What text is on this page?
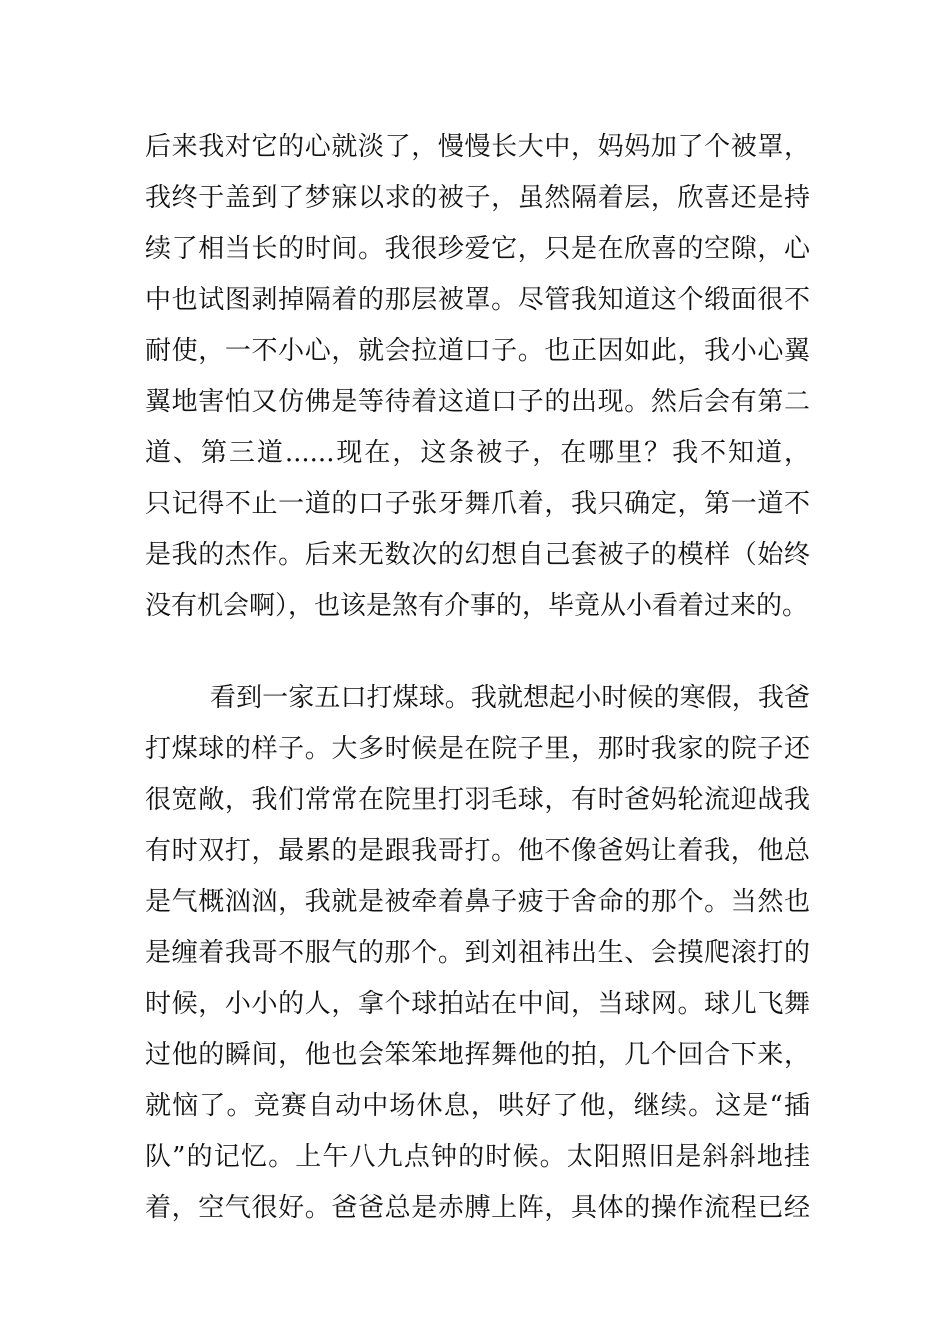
后来我对它的心就淡了，慢慢长大中，妈妈加了个被罩，
我终于盖到了梦寐以求的被子，虽然隔着层，欣喜还是持
续了相当长的时间。我很珍爱它，只是在欣喜的空隙，心
中也试图剥掉隔着的那层被罩。尽管我知道这个缎面很不
耐使，一不小心，就会拉道口子。也正因如此，我小心翼
翼地害怕又仿佛是等待着这道口子的出现。然后会有第二
道、第三道......现在，这条被子，在哪里？我不知道，
只记得不止一道的口子张牙舞爪着，我只确定，第一道不
是我的杰作。后来无数次的幻想自己套被子的模样（始终
没有机会啊），也该是煞有介事的，毕竟从小看着过来的。
看到一家五口打煤球。我就想起小时候的寒假，我爸
打煤球的样子。大多时候是在院子里，那时我家的院子还
很宽敞，我们常常在院里打羽毛球，有时爸妈轮流迎战我
有时双打，最累的是跟我哥打。他不像爸妈让着我，他总
是气概汹汹，我就是被牵着鼻子疲于舍命的那个。当然也
是缠着我哥不服气的那个。到刘祖袆出生、会摸爬滚打的
时候，小小的人，拿个球拍站在中间，当球网。球儿飞舞
过他的瞬间，他也会笨笨地挥舞他的拍，几个回合下来，
就恼了。竞赛自动中场休息，哄好了他，继续。这是“插
队”的记忆。上午八九点钟的时候。太阳照旧是斜斜地挂
着，空气很好。爸爸总是赤膊上阵，具体的操作流程已经
